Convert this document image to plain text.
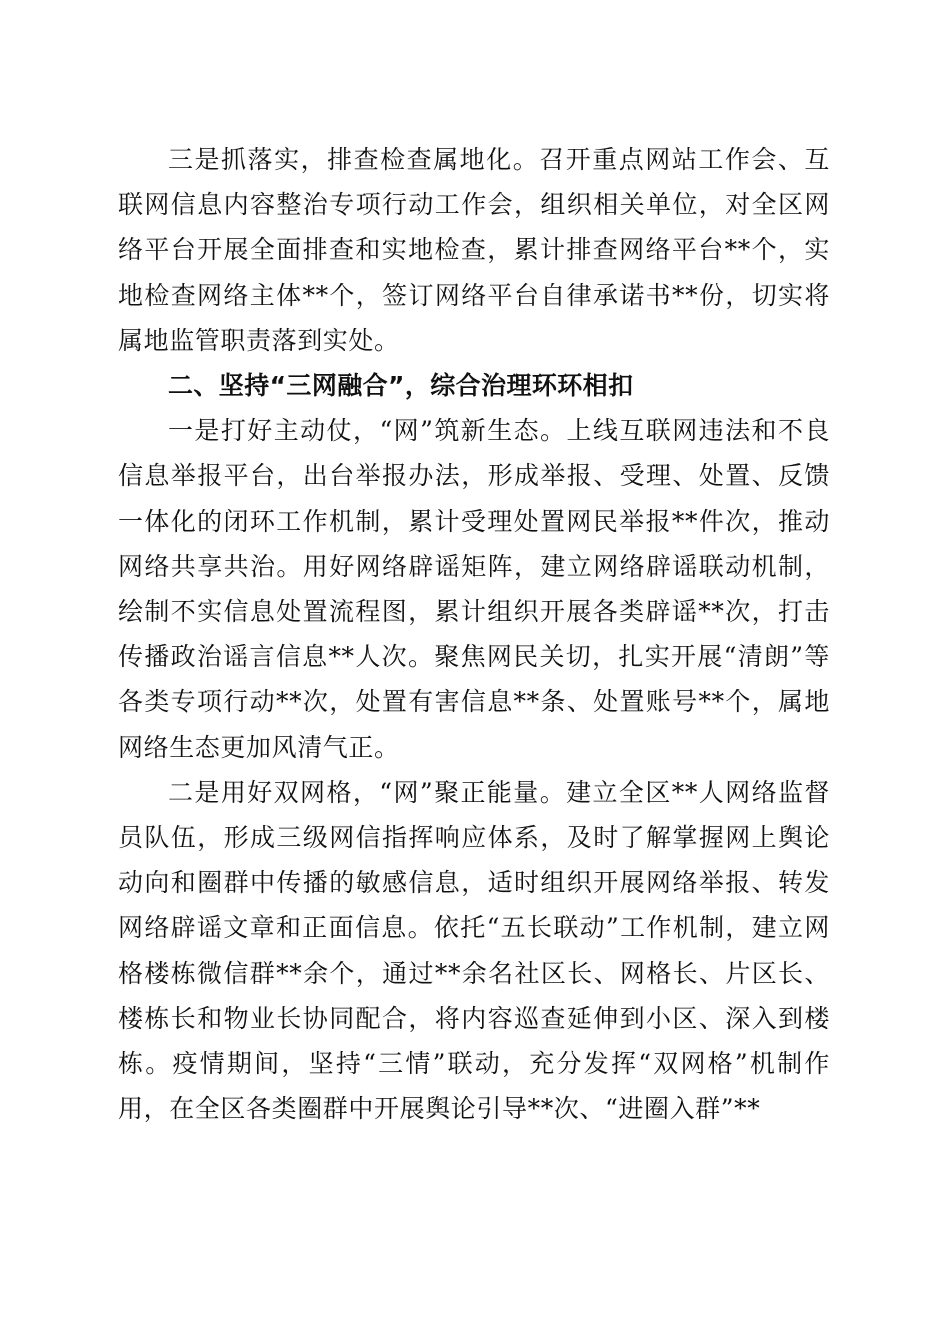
三是抓落实，排查检查属地化。召开重点网站工作会、互联网信息内容整治专项行动工作会，组织相关单位，对全区网络平台开展全面排查和实地检查，累计排查网络平台**个，实地检查网络主体**个，签订网络平台自律承诺书**份，切实将属地监管职责落到实处。

二、坚持“三网融合”，综合治理环环相扣

一是打好主动仗，“网”筑新生态。上线互联网违法和不良信息举报平台，出台举报办法，形成举报、受理、处置、反馈一体化的闭环工作机制，累计受理处置网民举报**件次，推动网络共享共治。用好网络辟谣矩阵，建立网络辟谣联动机制，绘制不实信息处置流程图，累计组织开展各类辟谣**次，打击传播政治谣言信息**人次。聚焦网民关切，扎实开展“清朗”等各类专项行动**次，处置有害信息**条、处置账号**个，属地网络生态更加风清气正。

二是用好双网格，“网”聚正能量。建立全区**人网络监督员队伍，形成三级网信指挥响应体系，及时了解掌握网上舆论动向和圈群中传播的敏感信息，适时组织开展网络举报、转发网络辟谣文章和正面信息。依托“五长联动”工作机制，建立网格楼栋微信群**余个，通过**余名社区长、网格长、片区长、楼栋长和物业长协同配合，将内容巡查延伸到小区、深入到楼栋。疫情期间，坚持“三情”联动，充分发挥“双网格”机制作用，在全区各类圈群中开展舆论引导**次、“进圈入群”**
